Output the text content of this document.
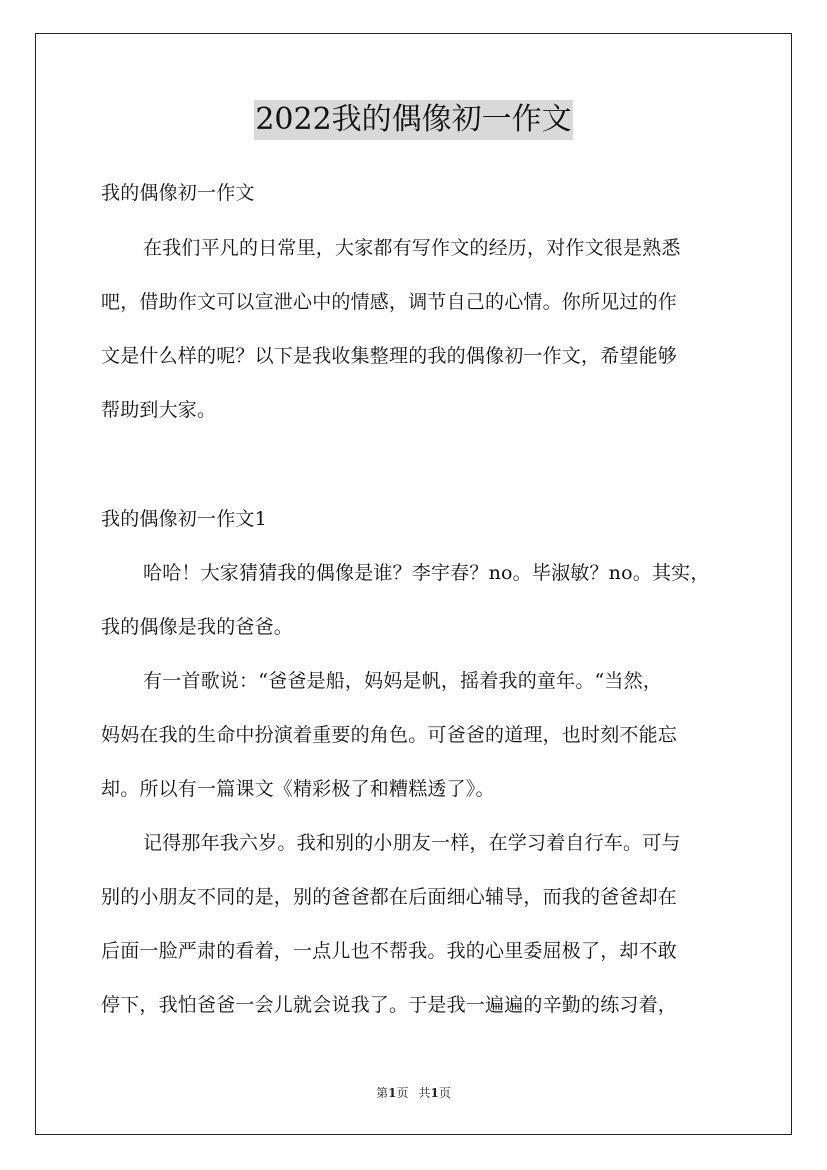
2022我的偶像初一作文
我的偶像初一作文
在我们平凡的日常里，大家都有写作文的经历，对作文很是熟悉
吧，借助作文可以宣泄心中的情感，调节自己的心情。你所见过的作
文是什么样的呢？以下是我收集整理的我的偶像初一作文，希望能够
帮助到大家。
我的偶像初一作文1
哈哈！大家猜猜我的偶像是谁？李宇春？no。毕淑敏？no。其实，
我的偶像是我的爸爸。
有一首歌说：“爸爸是船，妈妈是帆，摇着我的童年。“当然，
妈妈在我的生命中扮演着重要的角色。可爸爸的道理，也时刻不能忘
却。所以有一篇课文《精彩极了和糟糕透了》。
记得那年我六岁。我和别的小朋友一样，在学习着自行车。可与
别的小朋友不同的是，别的爸爸都在后面细心辅导，而我的爸爸却在
后面一脸严肃的看着，一点儿也不帮我。我的心里委屈极了，却不敢
停下，我怕爸爸一会儿就会说我了。于是我一遍遍的辛勤的练习着，
第1页 共1页
